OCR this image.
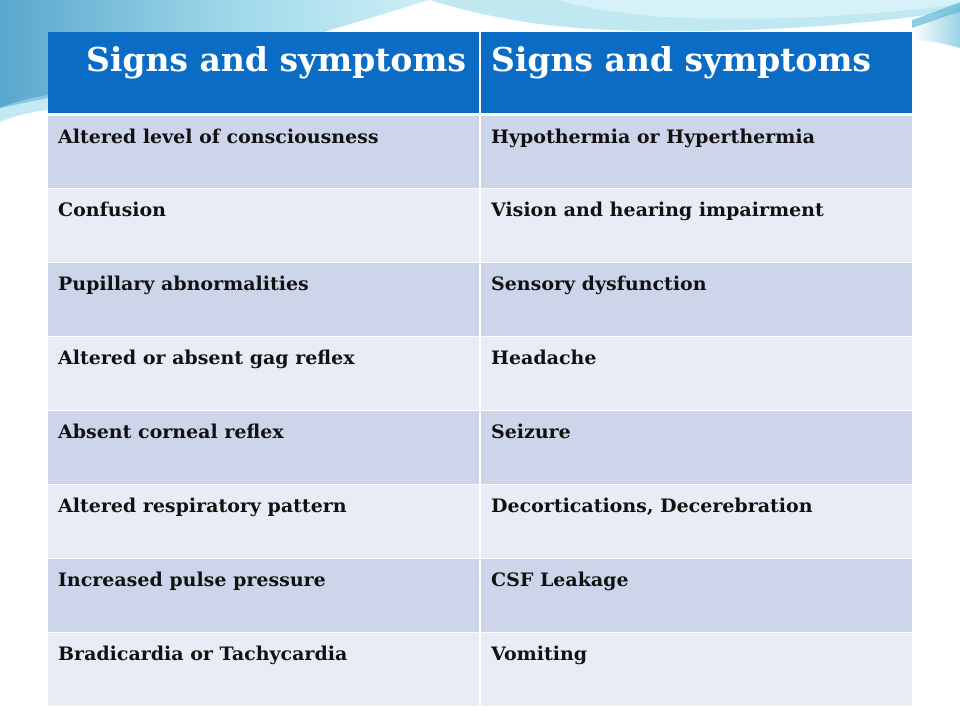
Signs and symptoms	Signs and symptoms
Altered level of consciousness	Hypothermia or Hyperthermia
Confusion	Vision and hearing impairment
Pupillary abnormalities	Sensory dysfunction
Altered or absent gag reflex	Headache
Absent corneal reflex	Seizure
Altered respiratory pattern	Decortications, Decerebration
Increased pulse pressure	CSF Leakage
Bradicardia or Tachycardia	Vomiting
